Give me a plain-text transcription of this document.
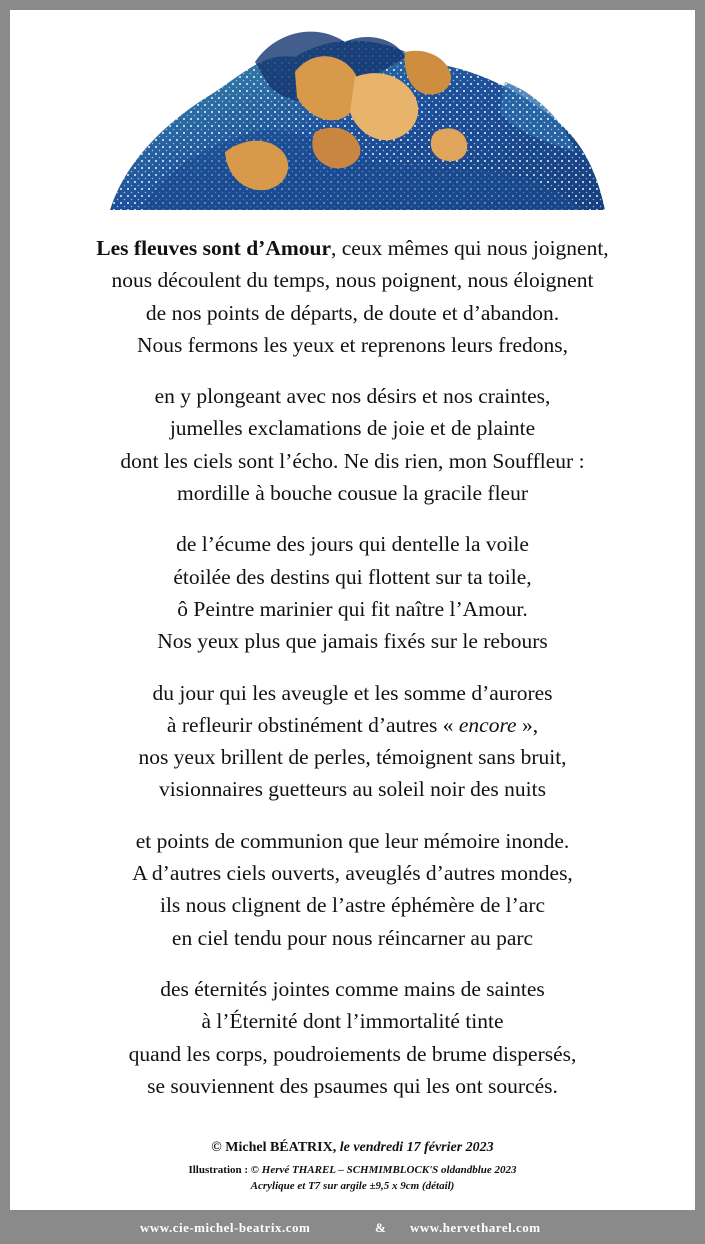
Les fleuves sont d’Amour, ceux mêmes qui nous joignent,
nous découlent du temps, nous poignent, nous éloignent
de nos points de départs, de doute et d’abandon.
Nous fermons les yeux et reprenons leurs fredons,
en y plongeant avec nos désirs et nos craintes,
jumelles exclamations de joie et de plainte
dont les ciels sont l’écho. Ne dis rien, mon Souffleur :
mordille à bouche cousue la gracile fleur
de l’écume des jours qui dentelle la voile
étoilée des destins qui flottent sur ta toile,
ô Peintre marinier qui fit naître l’Amour.
Nos yeux plus que jamais fixés sur le rebours
du jour qui les aveugle et les somme d’aurores
à refleurir obstinément d’autres « encore »,
nos yeux brillent de perles, témoignent sans bruit,
visionnaires guetteurs au soleil noir des nuits
et points de communion que leur mémoire inonde.
A d’autres ciels ouverts, aveuglés d’autres mondes,
ils nous clignent de l’astre éphémère de l’arc
en ciel tendu pour nous réincarner au parc
des éternités jointes comme mains de saintes
à l’Éternité dont l’immortalité tinte
quand les corps, poudroiements de brume dispersés,
se souviennent des psaumes qui les ont sourcés.
© Michel BÉATRIX, le vendredi 17 février 2023
Illustration : © Hervé THAREL – SCHMIMBLOCK'S oldandblue 2023
Acrylique et T7 sur argile ±9,5 x 9cm (détail)
www.cie-michel-beatrix.com	& www.hervetharel.com
